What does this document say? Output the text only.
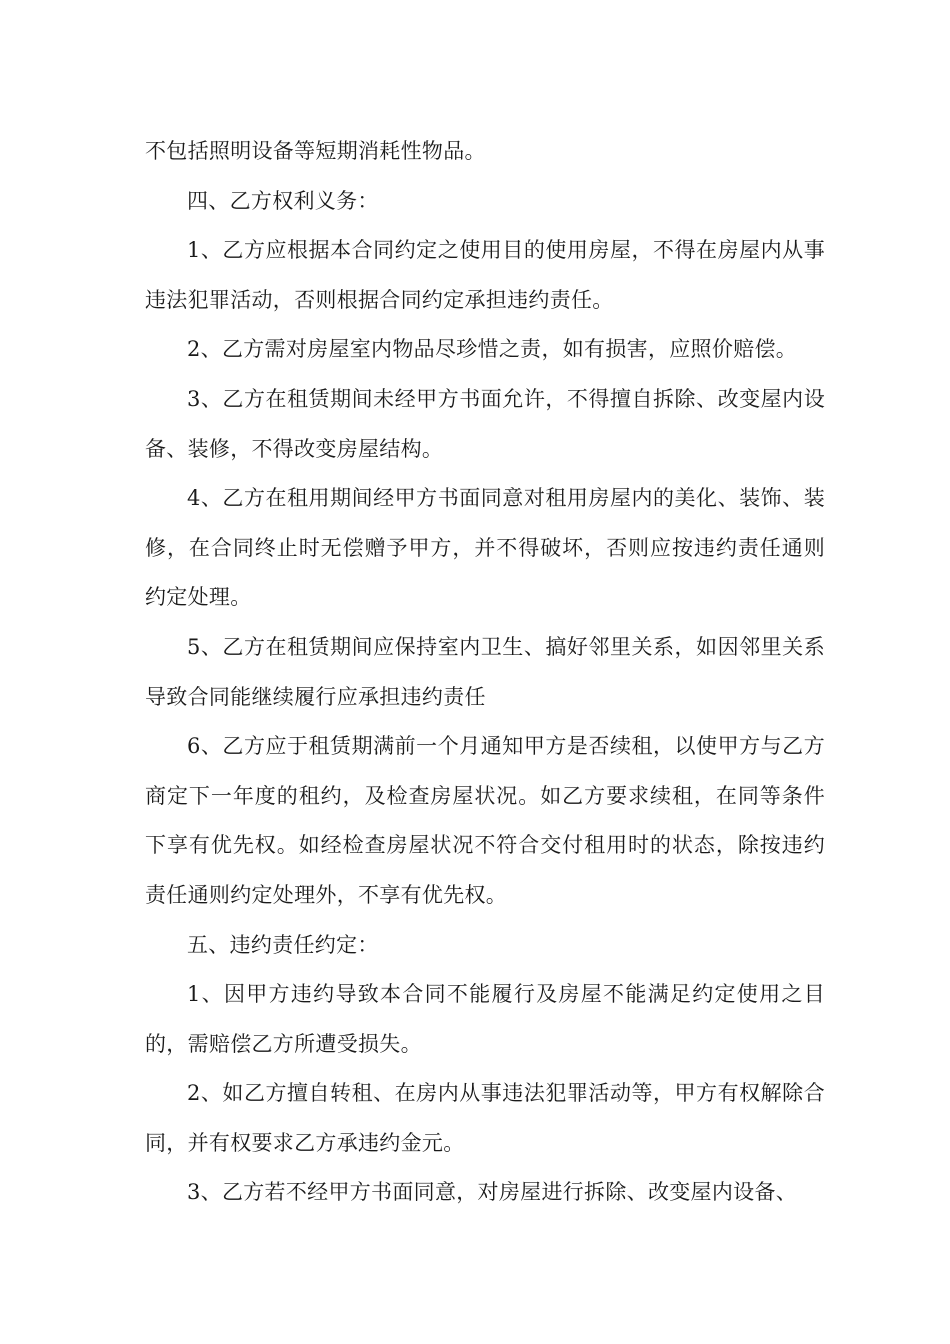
不包括照明设备等短期消耗性物品。

四、乙方权利义务：

1、乙方应根据本合同约定之使用目的使用房屋，不得在房屋内从事违法犯罪活动，否则根据合同约定承担违约责任。

2、乙方需对房屋室内物品尽珍惜之责，如有损害，应照价赔偿。

3、乙方在租赁期间未经甲方书面允许，不得擅自拆除、改变屋内设备、装修，不得改变房屋结构。

4、乙方在租用期间经甲方书面同意对租用房屋内的美化、装饰、装修，在合同终止时无偿赠予甲方，并不得破坏，否则应按违约责任通则约定处理。

5、乙方在租赁期间应保持室内卫生、搞好邻里关系，如因邻里关系导致合同能继续履行应承担违约责任

6、乙方应于租赁期满前一个月通知甲方是否续租，以使甲方与乙方商定下一年度的租约，及检查房屋状况。如乙方要求续租，在同等条件下享有优先权。如经检查房屋状况不符合交付租用时的状态，除按违约责任通则约定处理外，不享有优先权。

五、违约责任约定：

1、因甲方违约导致本合同不能履行及房屋不能满足约定使用之目的，需赔偿乙方所遭受损失。

2、如乙方擅自转租、在房内从事违法犯罪活动等，甲方有权解除合同，并有权要求乙方承违约金元。

3、乙方若不经甲方书面同意，对房屋进行拆除、改变屋内设备、
